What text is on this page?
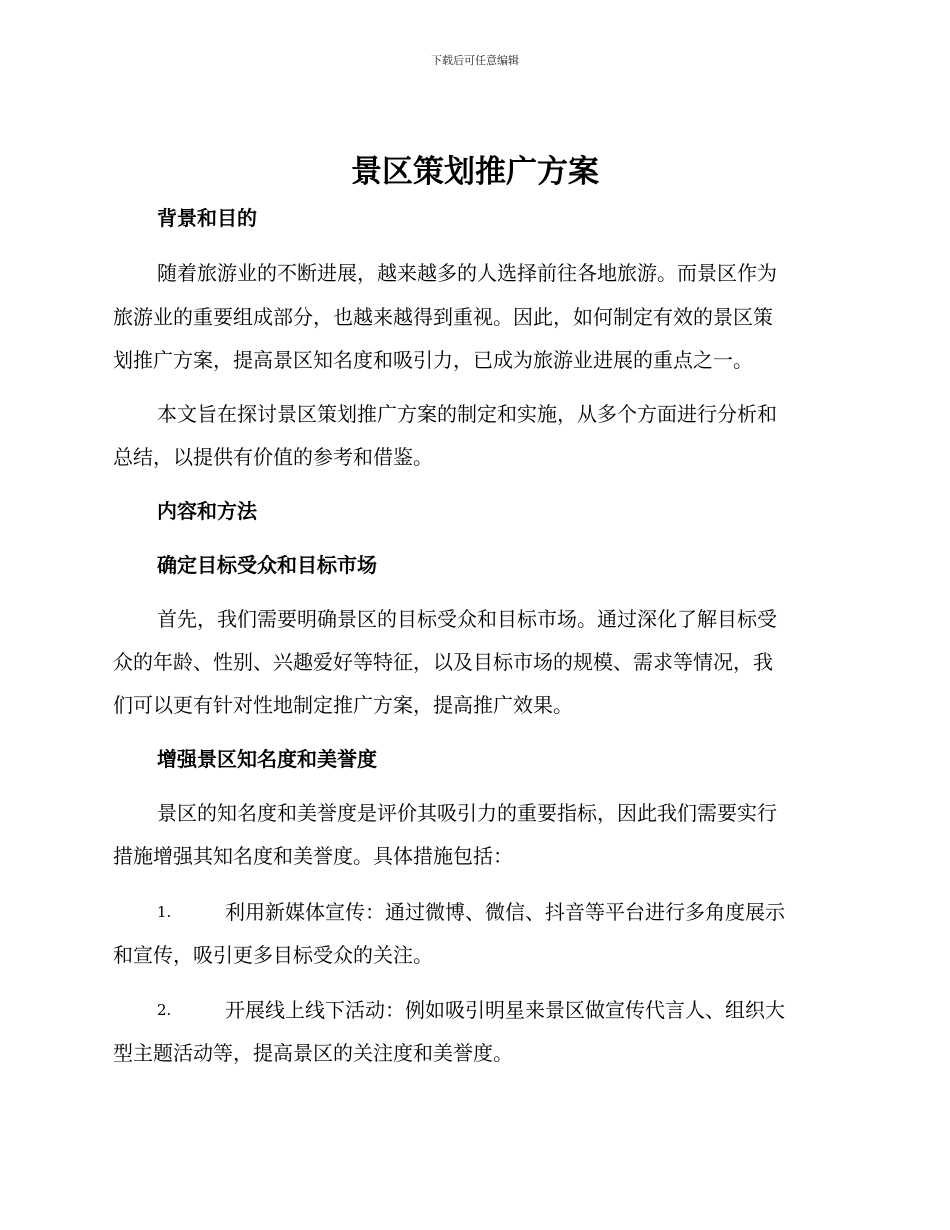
下载后可任意编辑
景区策划推广方案
背景和目的

随着旅游业的不断进展，越来越多的人选择前往各地旅游。而景区作为

旅游业的重要组成部分，也越来越得到重视。因此，如何制定有效的景区策

划推广方案，提高景区知名度和吸引力，已成为旅游业进展的重点之一。

本文旨在探讨景区策划推广方案的制定和实施，从多个方面进行分析和

总结，以提供有价值的参考和借鉴。

内容和方法
确定目标受众和目标市场

首先，我们需要明确景区的目标受众和目标市场。通过深化了解目标受

众的年龄、性别、兴趣爱好等特征，以及目标市场的规模、需求等情况，我

们可以更有针对性地制定推广方案，提高推广效果。

增强景区知名度和美誉度

景区的知名度和美誉度是评价其吸引力的重要指标，因此我们需要实行

措施增强其知名度和美誉度。具体措施包括：

1.	利用新媒体宣传：通过微博、微信、抖音等平台进行多角度展示

和宣传，吸引更多目标受众的关注。

2.	开展线上线下活动：例如吸引明星来景区做宣传代言人、组织大

型主题活动等，提高景区的关注度和美誉度。
